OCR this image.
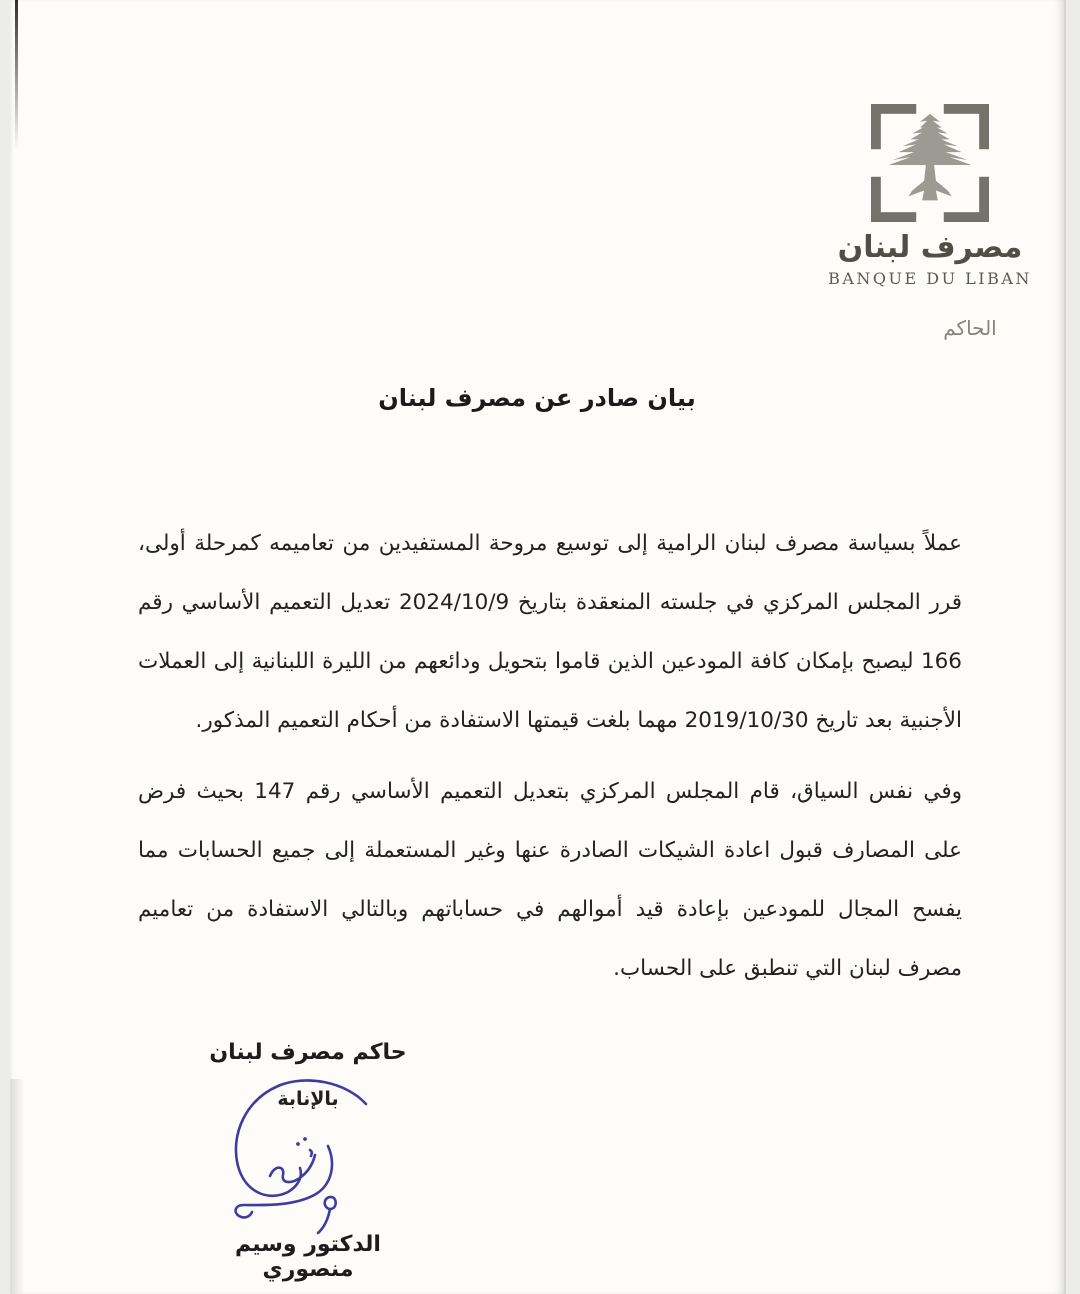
مصرف لبنان
BANQUE DU LIBAN
الحاكم
بيان صادر عن مصرف لبنان

عملاً بسياسة مصرف لبنان الرامية إلى توسيع مروحة المستفيدين من تعاميمه كمرحلة أولى، قرر المجلس المركزي في جلسته المنعقدة بتاريخ 2024/10/9 تعديل التعميم الأساسي رقم 166 ليصبح بإمكان كافة المودعين الذين قاموا بتحويل ودائعهم من الليرة اللبنانية إلى العملات الأجنبية بعد تاريخ 2019/10/30 مهما بلغت قيمتها الاستفادة من أحكام التعميم المذكور.

وفي نفس السياق، قام المجلس المركزي بتعديل التعميم الأساسي رقم 147 بحيث فرض على المصارف قبول اعادة الشيكات الصادرة عنها وغير المستعملة إلى جميع الحسابات مما يفسح المجال للمودعين بإعادة قيد أموالهم في حساباتهم وبالتالي الاستفادة من تعاميم مصرف لبنان التي تنطبق على الحساب.

حاكم مصرف لبنان
بالإنابة
الدكتور وسيم منصوري
